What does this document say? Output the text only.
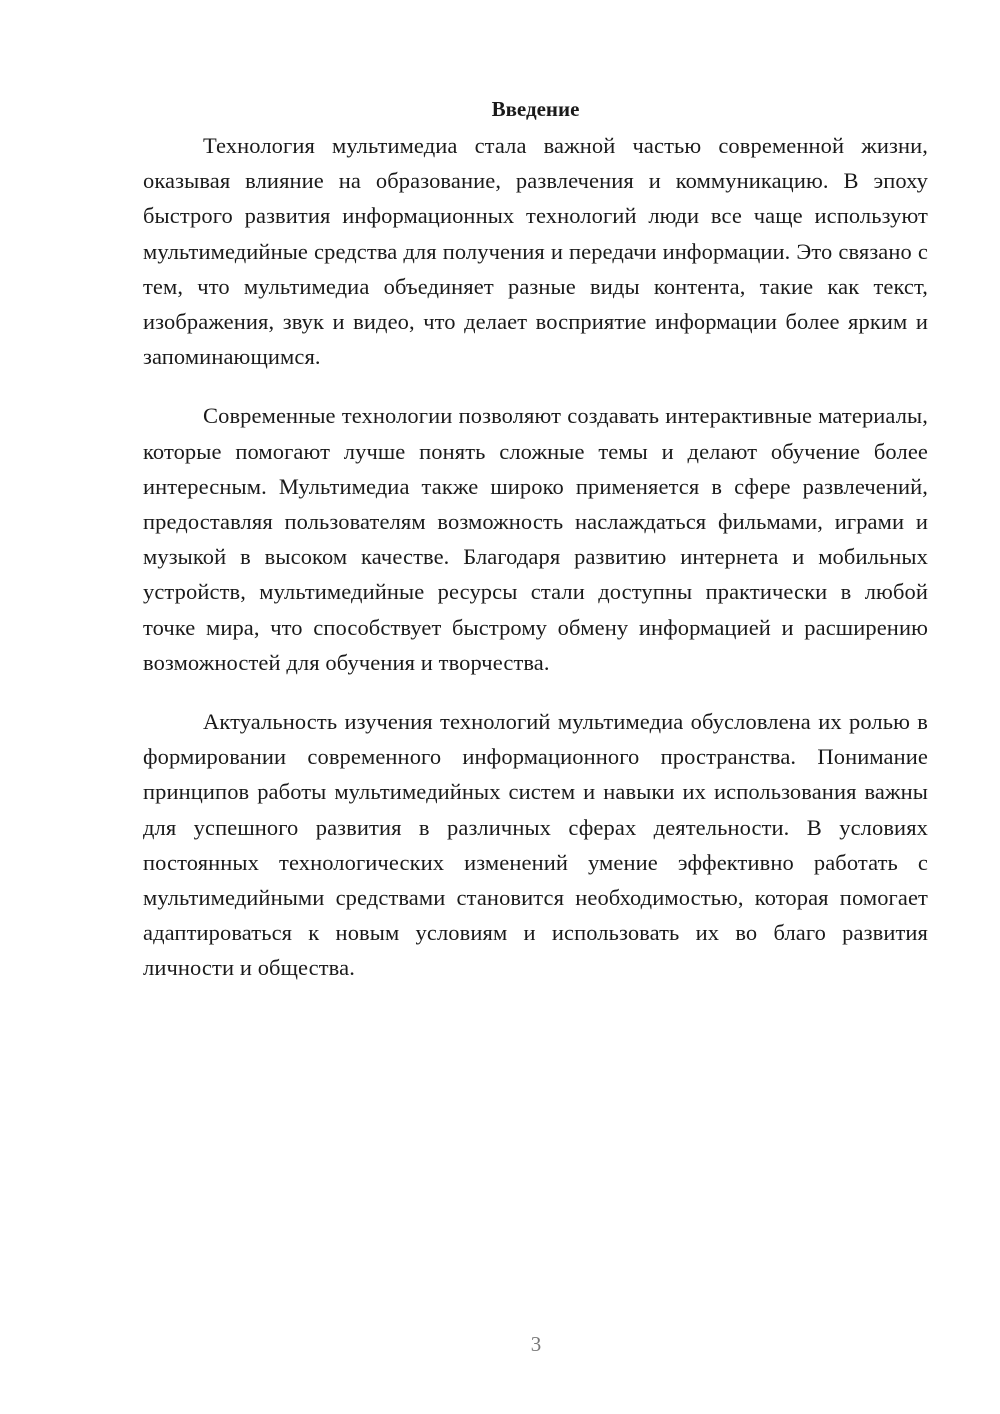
Введение

Технология мультимедиа стала важной частью современной жизни, оказывая влияние на образование, развлечения и коммуникацию. В эпоху быстрого развития информационных технологий люди все чаще используют мультимедийные средства для получения и передачи информации. Это связано с тем, что мультимедиа объединяет разные виды контента, такие как текст, изображения, звук и видео, что делает восприятие информации более ярким и запоминающимся.

Современные технологии позволяют создавать интерактивные материалы, которые помогают лучше понять сложные темы и делают обучение более интересным. Мультимедиа также широко применяется в сфере развлечений, предоставляя пользователям возможность наслаждаться фильмами, играми и музыкой в высоком качестве. Благодаря развитию интернета и мобильных устройств, мультимедийные ресурсы стали доступны практически в любой точке мира, что способствует быстрому обмену информацией и расширению возможностей для обучения и творчества.

Актуальность изучения технологий мультимедиа обусловлена их ролью в формировании современного информационного пространства. Понимание принципов работы мультимедийных систем и навыки их использования важны для успешного развития в различных сферах деятельности. В условиях постоянных технологических изменений умение эффективно работать с мультимедийными средствами становится необходимостью, которая помогает адаптироваться к новым условиям и использовать их во благо развития личности и общества.

3
